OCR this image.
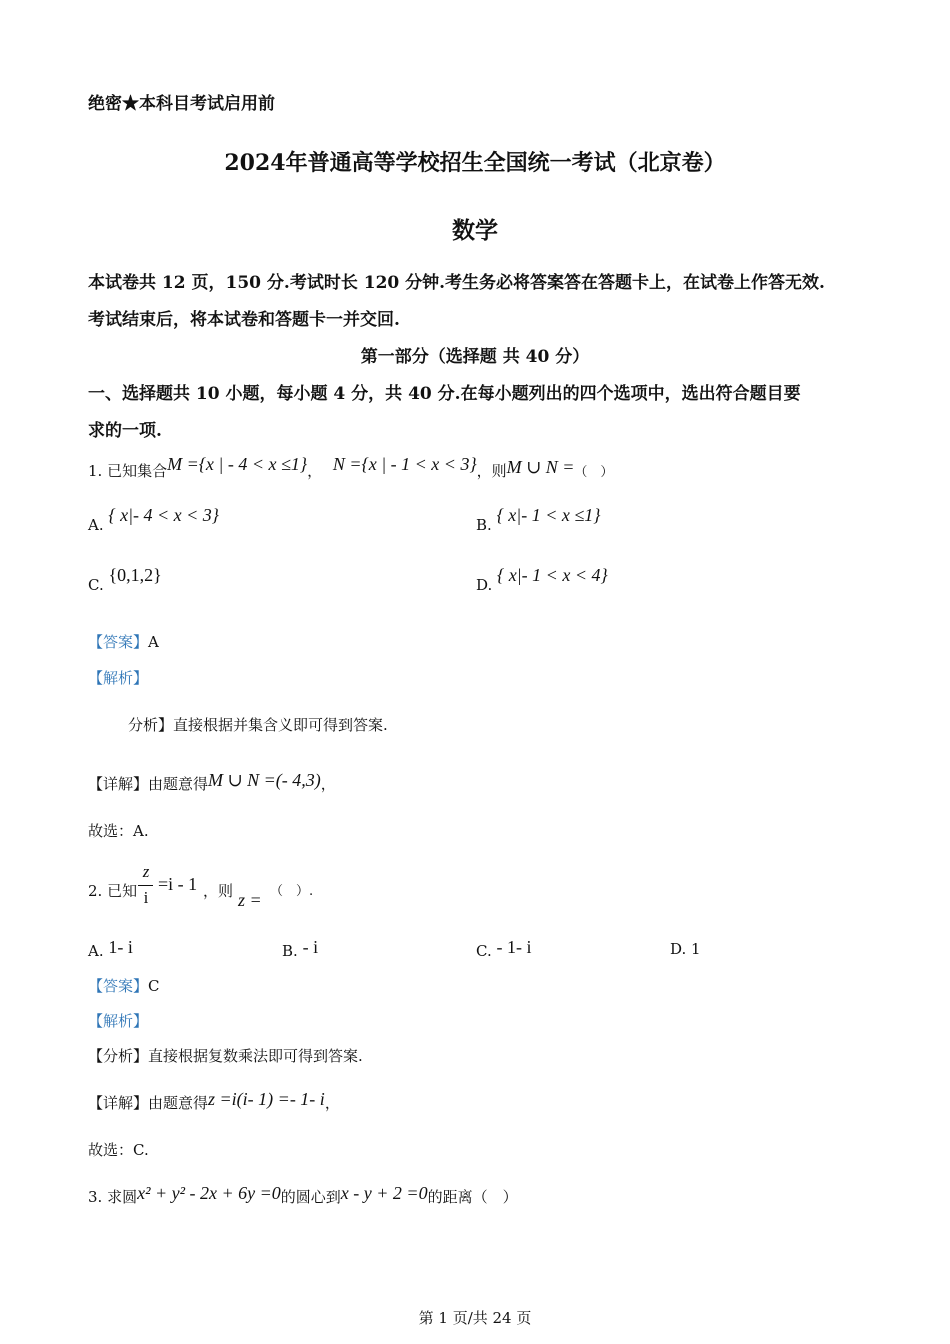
绝密★本科目考试启用前
2024年普通高等学校招生全国统一考试（北京卷）
数学
本试卷共 12 页，150 分.考试时长 120 分钟.考生务必将答案答在答题卡上，在试卷上作答无效.
考试结束后，将本试卷和答题卡一并交回.
第一部分（选择题 共 40 分）
一、选择题共 10 小题，每小题 4 分，共 40 分.在每小题列出的四个选项中，选出符合题目要
求的一项.
1. 已知集合M ={x | - 4 < x ≤1}， N ={x | - 1 < x < 3}，则M ∪ N =（　）
A. { x|- 4 < x < 3}	B. { x|- 1 < x ≤1}
C. {0,1,2}	D. { x|- 1 < x < 4}
【答案】A
【解析】
分析】直接根据并集含义即可得到答案.
【详解】由题意得M ∪ N =(- 4,3)，
故选：A.
2. 已知
z
i
=i - 1 ，则 z = （　）.
A. 1- i	B. - i	C. - 1- i	D. 1
【答案】C
【解析】
【分析】直接根据复数乘法即可得到答案.
【详解】由题意得z =i(i- 1) =- 1- i，
故选：C.
3. 求圆x² + y² - 2x + 6y =0的圆心到x - y + 2 =0的距离（　）
第 1 页/共 24 页
